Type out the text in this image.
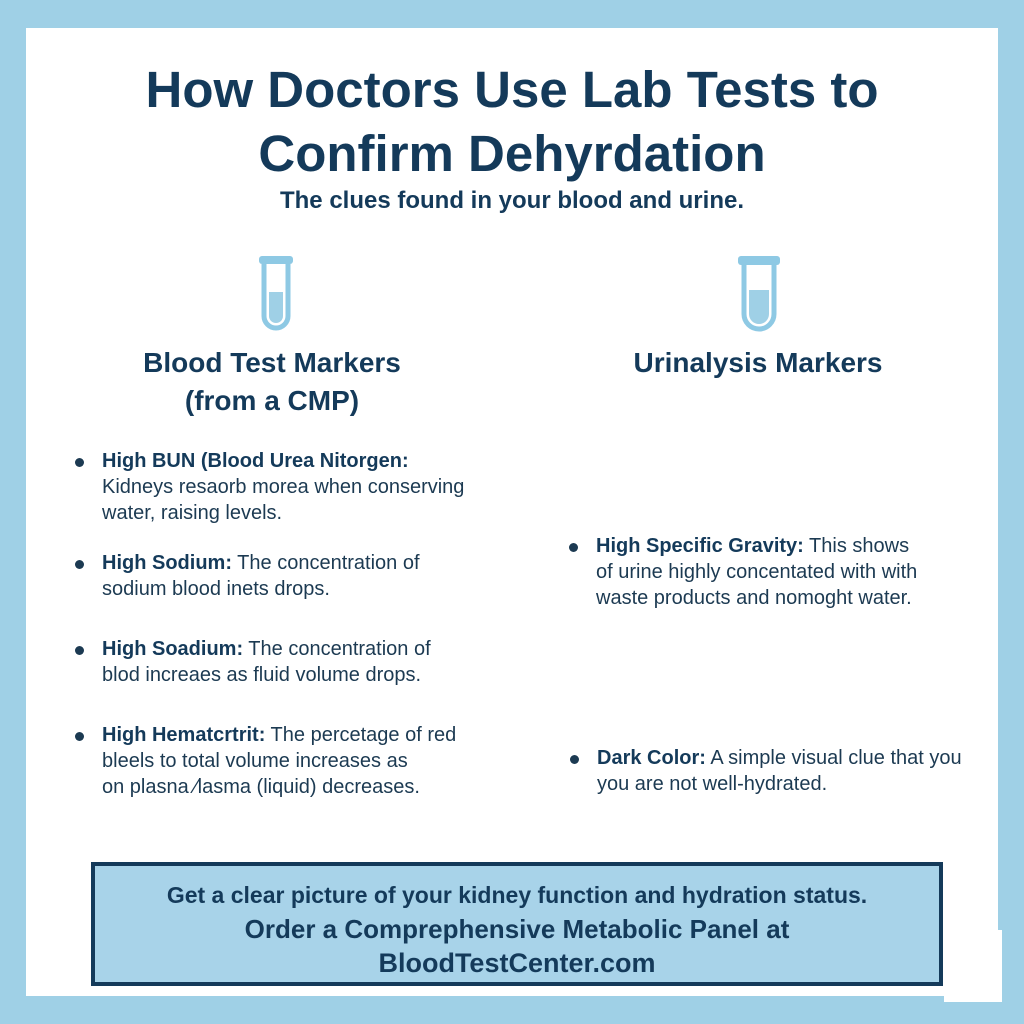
How Doctors Use Lab Tests to
Confirm Dehyrdation

The clues found in your blood and urine.

Blood Test Markers
(from a CMP)
Urinalysis Markers
High BUN (Blood Urea Nitorgen:
Kidneys resaorb morea when conserving
water, raising levels.
High Sodium: The concentration of
sodium blood inets drops.
High Soadium: The concentration of
blod increaes as fluid volume drops.
High Hematcrtrit: The percetage of red
bleels to total volume increases as
on plasna ⁄lasma (liquid) decreases.
High Specific Gravity: This shows
of urine highly concentated with with
waste products and nomoght water.
Dark Color: A simple visual clue that you
you are not well-hydrated.
Get a clear picture of your kidney function and hydration status.
Order a Comprephensive Metabolic Panel at
BloodTestCenter.com
